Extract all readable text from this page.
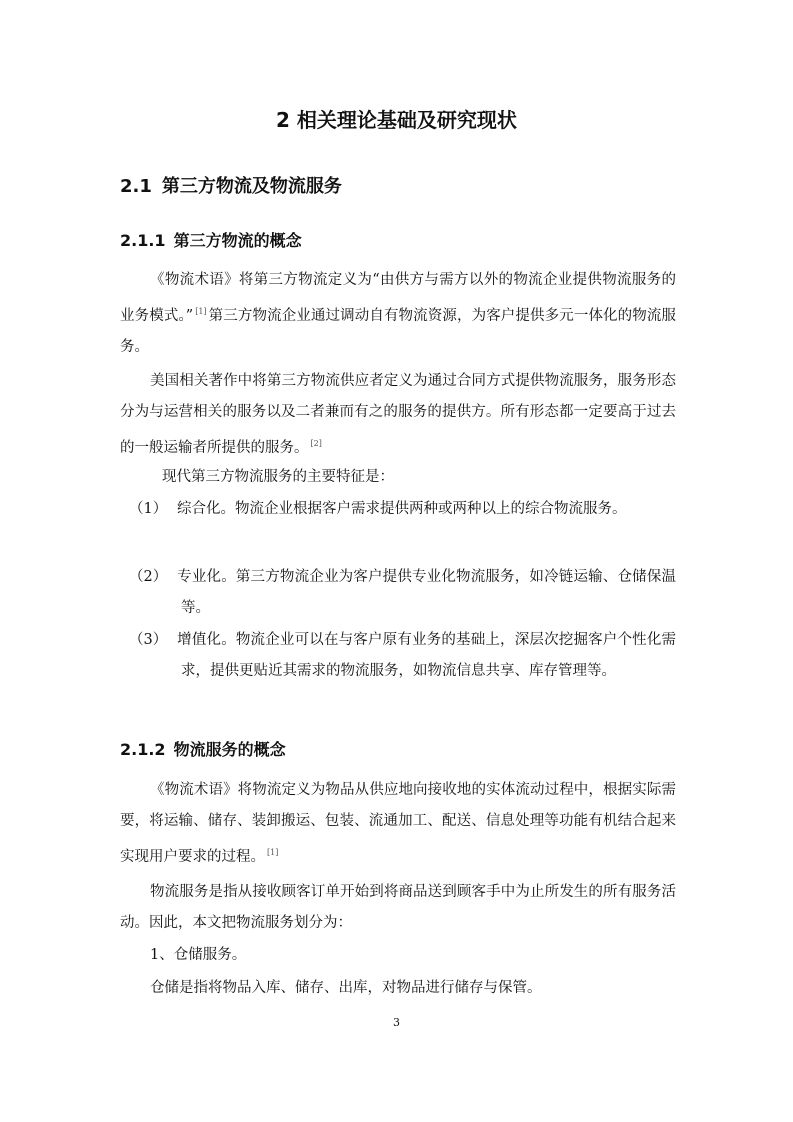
2 相关理论基础及研究现状
2.1 第三方物流及物流服务
2.1.1 第三方物流的概念
《物流术语》将第三方物流定义为“由供方与需方以外的物流企业提供物流服务的业务模式。” [1] 第三方物流企业通过调动自有物流资源，为客户提供多元一体化的物流服务。
美国相关著作中将第三方物流供应者定义为通过合同方式提供物流服务，服务形态分为与运营相关的服务以及二者兼而有之的服务的提供方。所有形态都一定要高于过去的一般运输者所提供的服务。 [2]
现代第三方物流服务的主要特征是：
（1） 综合化。物流企业根据客户需求提供两种或两种以上的综合物流服务。
（2） 专业化。第三方物流企业为客户提供专业化物流服务，如冷链运输、仓储保温等。
（3） 增值化。物流企业可以在与客户原有业务的基础上，深层次挖掘客户个性化需求，提供更贴近其需求的物流服务，如物流信息共享、库存管理等。
2.1.2 物流服务的概念
《物流术语》将物流定义为物品从供应地向接收地的实体流动过程中，根据实际需要，将运输、储存、装卸搬运、包装、流通加工、配送、信息处理等功能有机结合起来实现用户要求的过程。 [1]
物流服务是指从接收顾客订单开始到将商品送到顾客手中为止所发生的所有服务活动。因此，本文把物流服务划分为：
1、仓储服务。
仓储是指将物品入库、储存、出库，对物品进行储存与保管。
3
